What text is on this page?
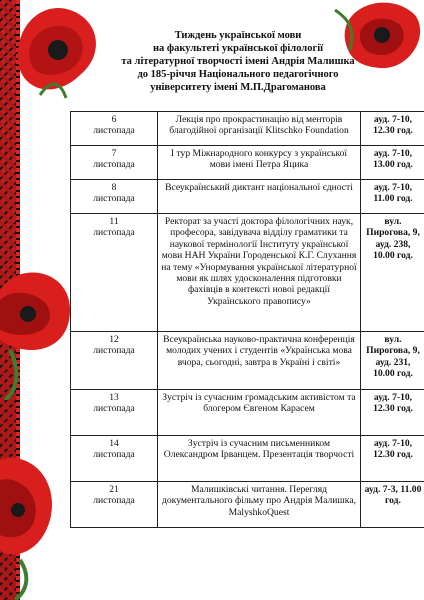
Тиждень української мови
на факультеті української філології
та літературної творчості імені Андрія Малишка
до 185-річчя Національного педагогічного
університету імені М.П.Драгоманова
6
листопада	Лекція про прокрастинацію від менторів благодійної організації Klitschko Foundation	ауд. 7-10, 12.30 год.

7
листопада	І тур Міжнародного конкурсу з української мови імені Петра Яцика	ауд. 7-10, 13.00 год.

8
листопада	Всеукраїнський диктант національної єдності	ауд. 7-10, 11.00 год.

11
листопада	Ректорат за участі доктора філологічних наук, професора, завідувача відділу граматики та наукової термінології Інституту української мови НАН України Городенської К.Г. Слухання на тему «Унормування української літературної мови як шлях удосконалення підготовки фахівців в контексті нової редакції Українського правопису»	вул. Пирогова, 9, ауд. 238, 10.00 год.

12
листопада	Всеукраїнська науково-практична конференція молодих учених і студентів «Українська мова вчора, сьогодні, завтра в Україні і світі»	вул. Пирогова, 9, ауд. 231, 10.00 год.

13
листопада	Зустріч із сучасним громадським активістом та блогером Євгеном Карасем	ауд. 7-10, 12.30 год.

14
листопада	Зустріч із сучасним письменником Олександром Ірванцем. Презентація творчості	ауд. 7-10, 12.30 год.

21
листопада	Малишківські читання. Перегляд документального фільму про Андрія Малишка, MalyshkoQuest	ауд. 7-3, 11.00 год.
